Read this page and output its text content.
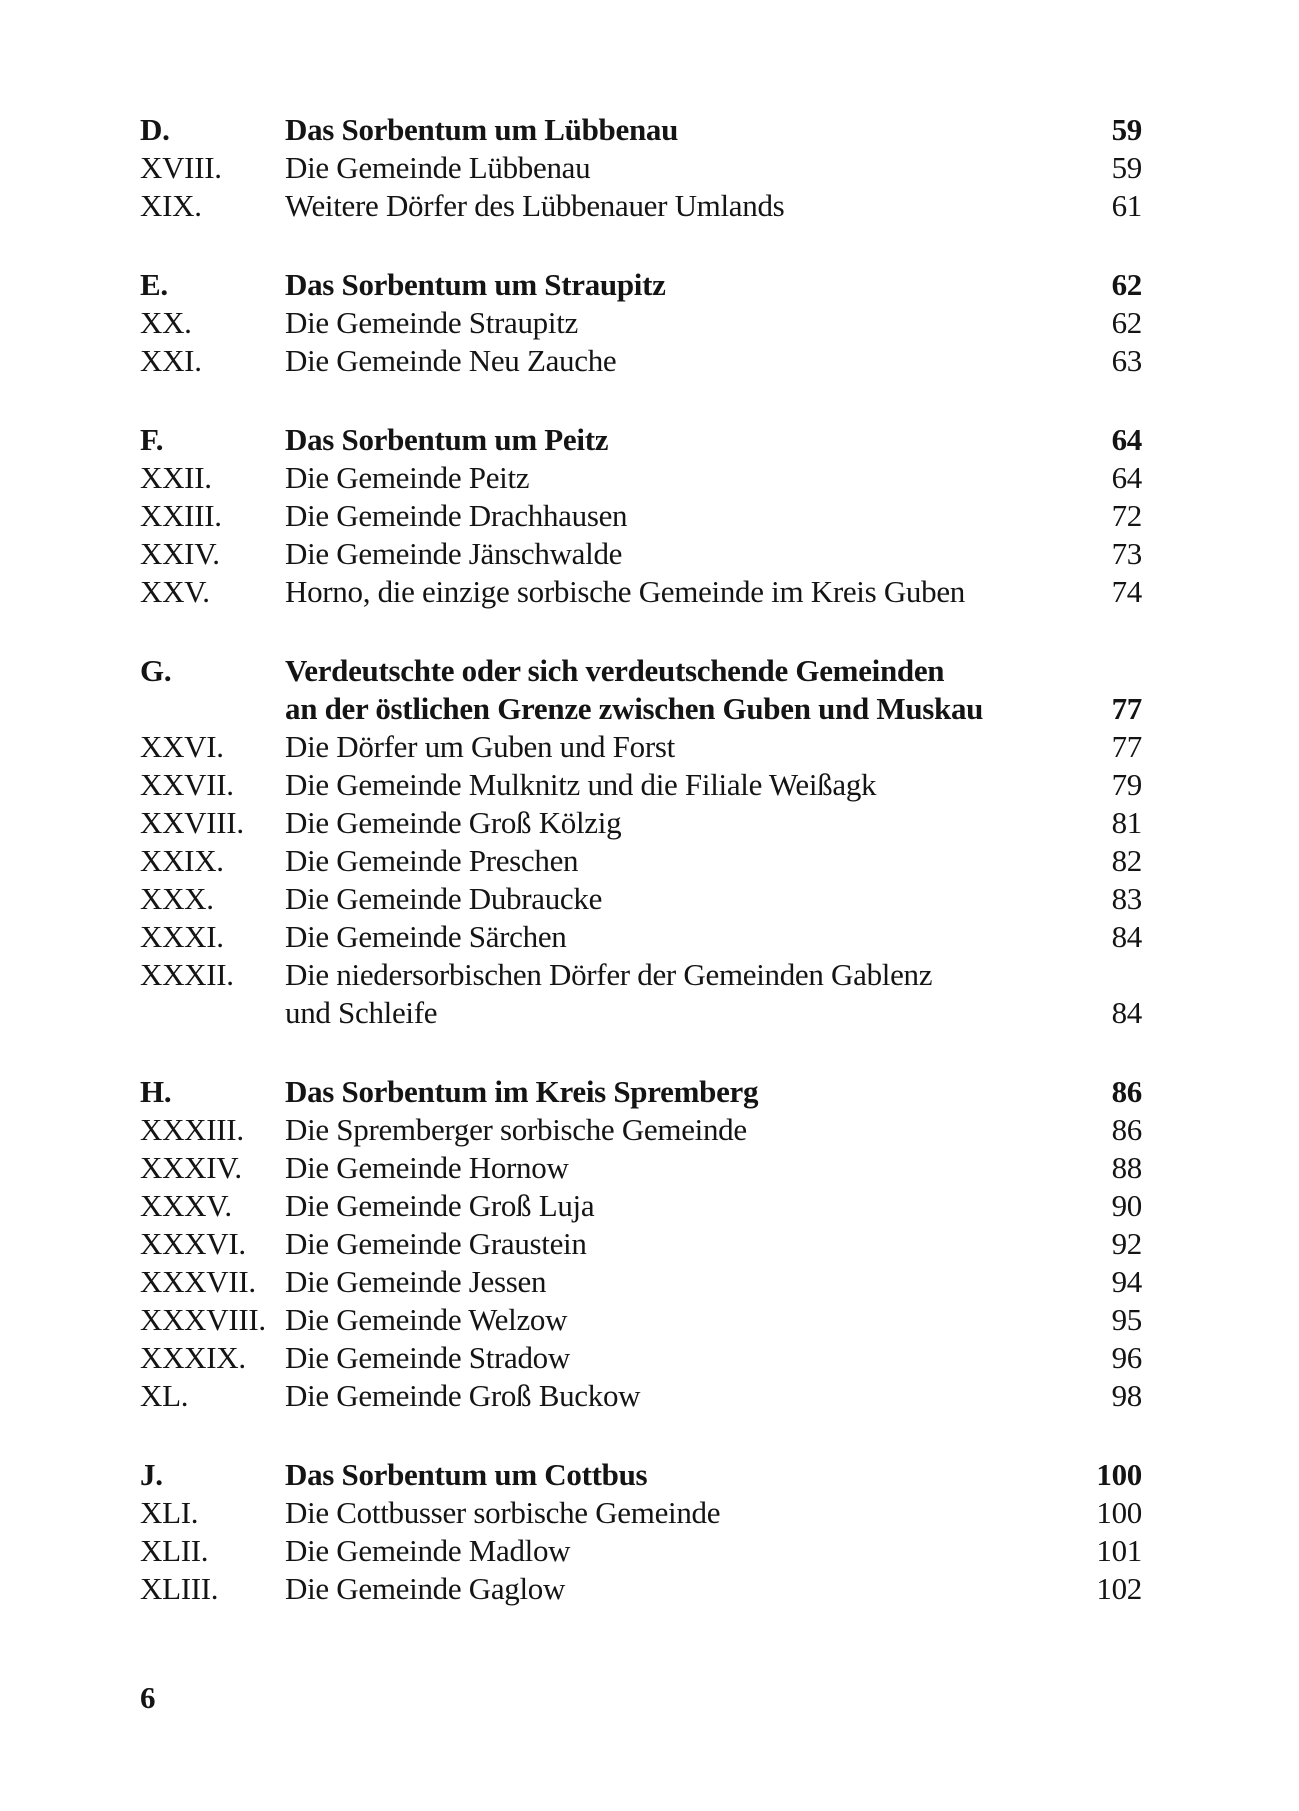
D.	Das Sorbentum um Lübbenau	59
XVIII.	Die Gemeinde Lübbenau	59
XIX.	Weitere Dörfer des Lübbenauer Umlands	61
E.	Das Sorbentum um Straupitz	62
XX.	Die Gemeinde Straupitz	62
XXI.	Die Gemeinde Neu Zauche	63
F.	Das Sorbentum um Peitz	64
XXII.	Die Gemeinde Peitz	64
XXIII.	Die Gemeinde Drachhausen	72
XXIV.	Die Gemeinde Jänschwalde	73
XXV.	Horno, die einzige sorbische Gemeinde im Kreis Guben	74
G.	Verdeutschte oder sich verdeutschende Gemeinden
an der östlichen Grenze zwischen Guben und Muskau	77
XXVI.	Die Dörfer um Guben und Forst	77
XXVII.	Die Gemeinde Mulknitz und die Filiale Weißagk	79
XXVIII.	Die Gemeinde Groß Kölzig	81
XXIX.	Die Gemeinde Preschen	82
XXX.	Die Gemeinde Dubraucke	83
XXXI.	Die Gemeinde Särchen	84
XXXII.	Die niedersorbischen Dörfer der Gemeinden Gablenz
und Schleife	84
H.	Das Sorbentum im Kreis Spremberg	86
XXXIII.	Die Spremberger sorbische Gemeinde	86
XXXIV.	Die Gemeinde Hornow	88
XXXV.	Die Gemeinde Groß Luja	90
XXXVI.	Die Gemeinde Graustein	92
XXXVII. Die Gemeinde Jessen	94
XXXVIII. Die Gemeinde Welzow	95
XXXIX.	Die Gemeinde Stradow	96
XL.	Die Gemeinde Groß Buckow	98
J.	Das Sorbentum um Cottbus	100
XLI.	Die Cottbusser sorbische Gemeinde	100
XLII.	Die Gemeinde Madlow	101
XLIII.	Die Gemeinde Gaglow	102
6
